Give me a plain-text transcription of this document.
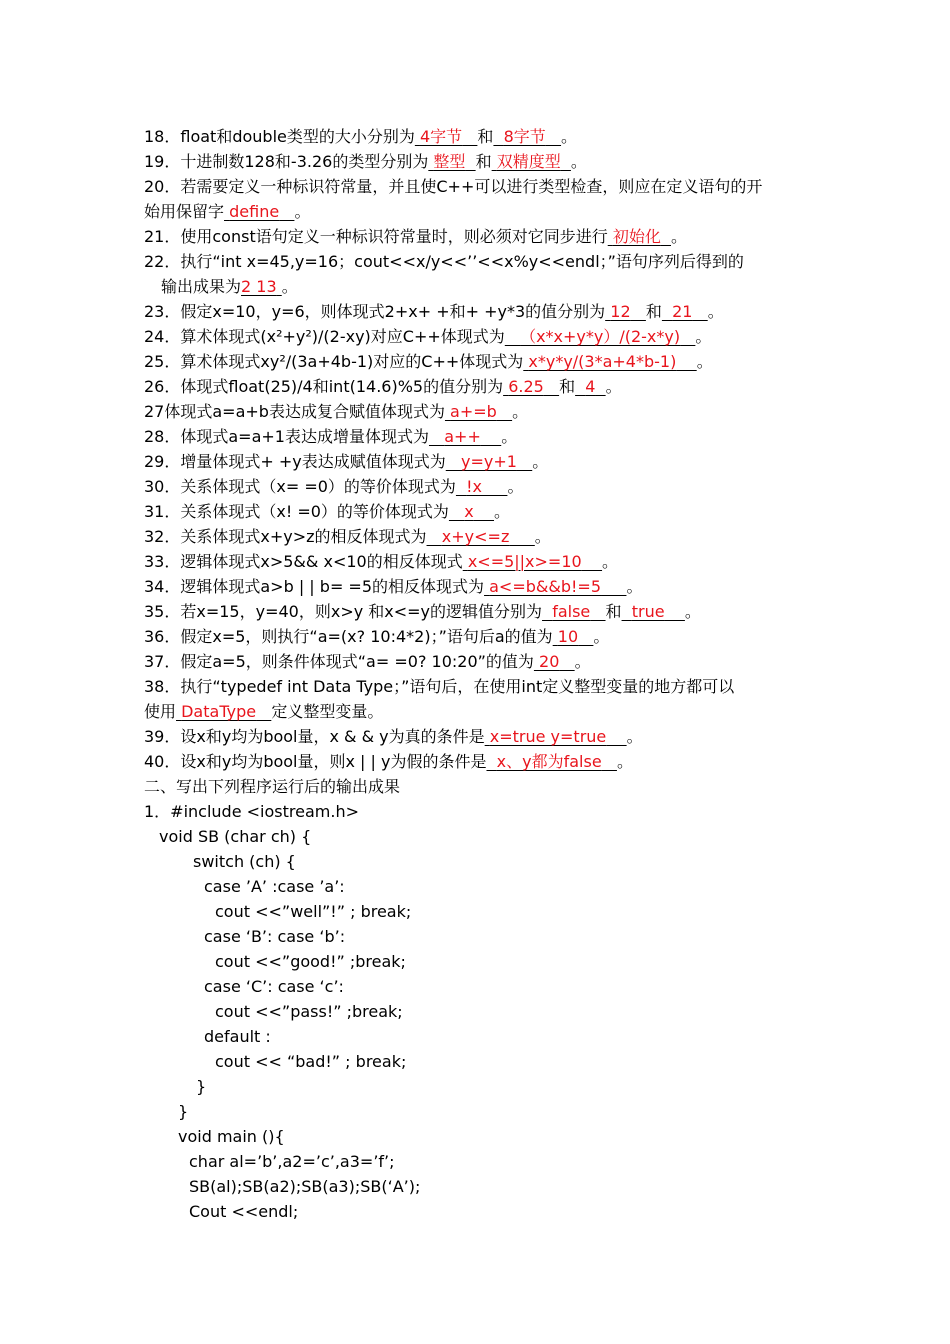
18．float和double类型的大小分别为 4字节 和 8字节 。
19．十进制数128和-3.26的类型分别为 整型 和 双精度型 。
20．若需要定义一种标识符常量，并且使C++可以进行类型检查，则应在定义语句的开
始用保留字 define 。
21．使用const语句定义一种标识符常量时，则必须对它同步进行 初始化 。
22．执行“int x=45,y=16；cout<<x/y<<’’<<x%y<<endl；”语句序列后得到的
输出成果为2 13 。
23．假定x=10，y=6，则体现式2+x+ +和+ +y*3的值分别为 12 和 21 。
24．算术体现式(x²+y²)/(2-xy)对应C++体现式为 （x*x+y*y）/(2-x*y) 。
25．算术体现式xy²/(3a+4b-1)对应的C++体现式为 x*y*y/(3*a+4*b-1) 。
26．体现式float(25)/4和int(14.6)%5的值分别为 6.25 和 4 。
27体现式a=a+b表达成复合赋值体现式为 a+=b 。
28．体现式a=a+1表达成增量体现式为 a++ 。
29．增量体现式+ +y表达成赋值体现式为 y=y+1 。
30．关系体现式（x= =0）的等价体现式为 !x 。
31．关系体现式（x! =0）的等价体现式为 x 。
32．关系体现式x+y>z的相反体现式为 x+y<=z 。
33．逻辑体现式x>5&& x<10的相反体现式 x<=5||x>=10 。
34．逻辑体现式a>b | | b= =5的相反体现式为 a<=b&&b!=5 。
35．若x=15，y=40，则x>y 和x<=y的逻辑值分别为 false 和 true 。
36．假定x=5，则执行“a=(x? 10:4*2)；”语句后a的值为 10 。
37．假定a=5，则条件体现式“a= =0? 10:20”的值为 20 。
38．执行“typedef int Data Type；”语句后，在使用int定义整型变量的地方都可以
使用 DataType 定义整型变量。
39．设x和y均为bool量，x & & y为真的条件是 x=true y=true 。
40．设x和y均为bool量，则x | | y为假的条件是 x、y都为false 。
二、写出下列程序运行后的输出成果
1．#include <iostream.h>
void SB (char ch) {
switch (ch) {
case ’A’ :case ’a’:
cout <<”well”!” ; break;
case ‘B’: case ‘b’:
cout <<”good!” ;break;
case ‘C’: case ‘c’:
cout <<”pass!” ;break;
default :
cout << “bad!” ; break;
}
}
void main (){
char al=’b’,a2=’c’,a3=’f’;
SB(al);SB(a2);SB(a3);SB(‘A’);
Cout <<endl;
